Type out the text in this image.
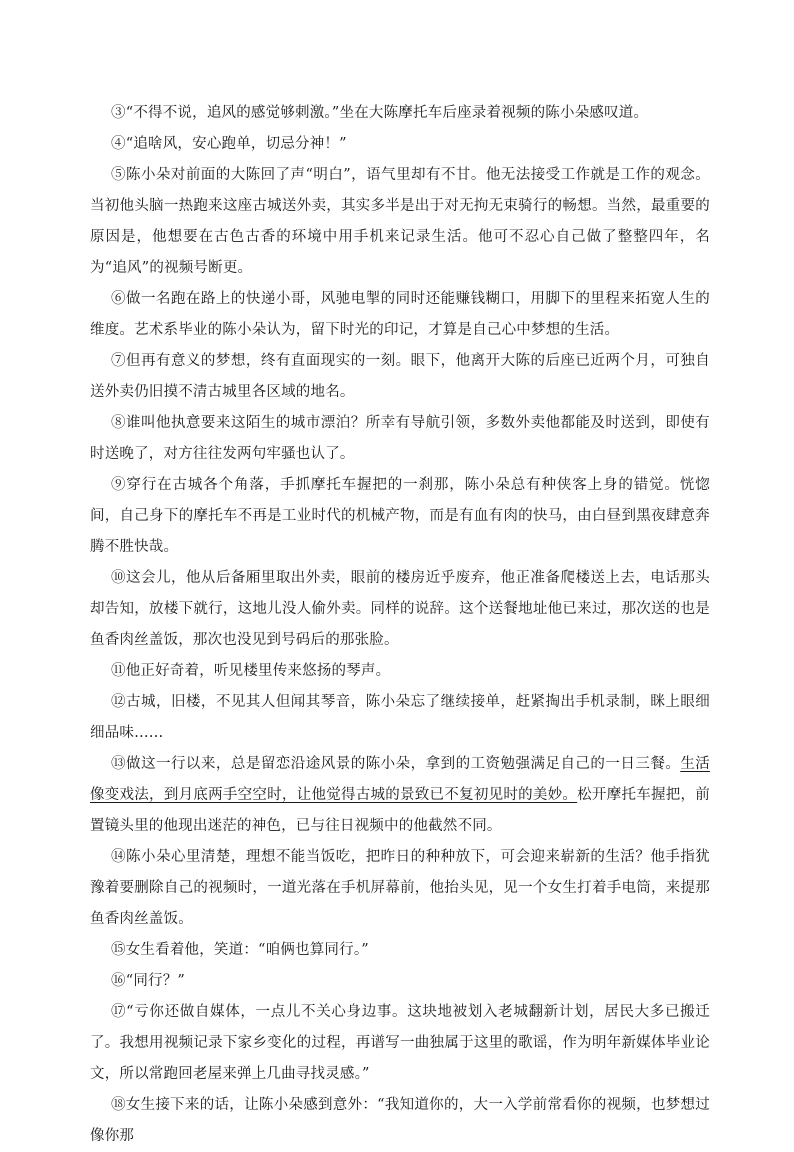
③“不得不说，追风的感觉够刺激。”坐在大陈摩托车后座录着视频的陈小朵感叹道。

④“追啥风，安心跑单，切忌分神！”

⑤陈小朵对前面的大陈回了声“明白”，语气里却有不甘。他无法接受工作就是工作的观念。当初他头脑一热跑来这座古城送外卖，其实多半是出于对无拘无束骑行的畅想。当然，最重要的原因是，他想要在古色古香的环境中用手机来记录生活。他可不忍心自己做了整整四年，名为“追风”的视频号断更。

⑥做一名跑在路上的快递小哥，风驰电掣的同时还能赚钱糊口，用脚下的里程来拓宽人生的维度。艺术系毕业的陈小朵认为，留下时光的印记，才算是自己心中梦想的生活。

⑦但再有意义的梦想，终有直面现实的一刻。眼下，他离开大陈的后座已近两个月，可独自送外卖仍旧摸不清古城里各区域的地名。

⑧谁叫他执意要来这陌生的城市漂泊？所幸有导航引领，多数外卖他都能及时送到，即使有时送晚了，对方往往发两句牢骚也认了。

⑨穿行在古城各个角落，手抓摩托车握把的一刹那，陈小朵总有种侠客上身的错觉。恍惚间，自己身下的摩托车不再是工业时代的机械产物，而是有血有肉的快马，由白昼到黑夜肆意奔腾不胜快哉。

⑩这会儿，他从后备厢里取出外卖，眼前的楼房近乎废弃，他正准备爬楼送上去，电话那头却告知，放楼下就行，这地儿没人偷外卖。同样的说辞。这个送餐地址他已来过，那次送的也是鱼香肉丝盖饭，那次也没见到号码后的那张脸。

⑪他正好奇着，听见楼里传来悠扬的琴声。

⑫古城，旧楼，不见其人但闻其琴音，陈小朵忘了继续接单，赶紧掏出手机录制，眯上眼细细品味……

⑬做这一行以来，总是留恋沿途风景的陈小朵，拿到的工资勉强满足自己的一日三餐。生活像变戏法，到月底两手空空时，让他觉得古城的景致已不复初见时的美妙。松开摩托车握把，前置镜头里的他现出迷茫的神色，已与往日视频中的他截然不同。

⑭陈小朵心里清楚，理想不能当饭吃，把昨日的种种放下，可会迎来崭新的生活？他手指犹豫着要删除自己的视频时，一道光落在手机屏幕前，他抬头见，见一个女生打着手电筒，来提那鱼香肉丝盖饭。

⑮女生看着他，笑道：“咱俩也算同行。”

⑯“同行？”

⑰“亏你还做自媒体，一点儿不关心身边事。这块地被划入老城翻新计划，居民大多已搬迁了。我想用视频记录下家乡变化的过程，再谱写一曲独属于这里的歌谣，作为明年新媒体毕业论文，所以常跑回老屋来弹上几曲寻找灵感。”

⑱女生接下来的话，让陈小朵感到意外：“我知道你的，大一入学前常看你的视频，也梦想过像你那
